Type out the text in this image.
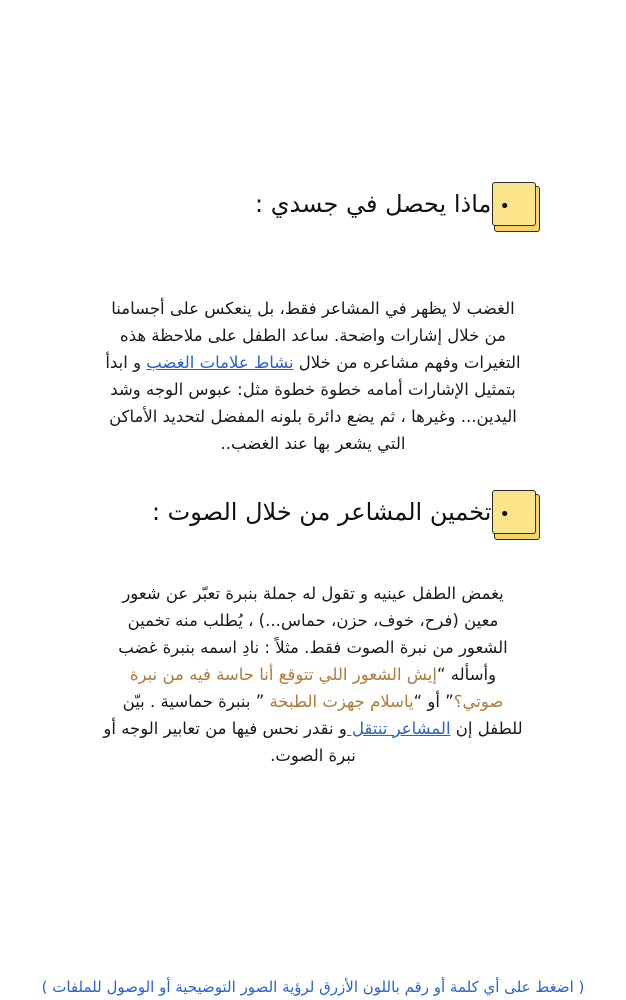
•ماذا يحصل في جسدي :

الغضب لا يظهر في المشاعر فقط، بل ينعكس على أجسامنا من خلال إشارات واضحة. ساعد الطفل على ملاحظة هذه التغيرات وفهم مشاعره من خلال نشاط علامات الغضب و ابدأ بتمثيل الإشارات أمامه خطوة خطوة مثل: عبوس الوجه وشد اليدين... وغيرها ، ثم يضع دائرة بلونه المفضل لتحديد الأماكن التي يشعر بها عند الغضب..

•تخمين المشاعر من خلال الصوت :

يغمض الطفل عينيه و تقول له جملة بنبرة تعبّر عن شعور معين (فرح، خوف، حزن، حماس...) ، يُطلب منه تخمين الشعور من نبرة الصوت فقط. مثلاً : نادِ اسمه بنبرة غضب وأسأله “إيش الشعور اللي تتوقع أنا حاسة فيه من نبرة صوتي؟” أو “ياسلام جهزت الطبخة ” بنبرة حماسية . بيّن للطفل إن المشاعر تنتقل و نقدر نحس فيها من تعابير الوجه أو نبرة الصوت.

( اضغط على أي كلمة أو رقم باللون الأزرق لرؤية الصور التوضيحية أو الوصول للملفات )
